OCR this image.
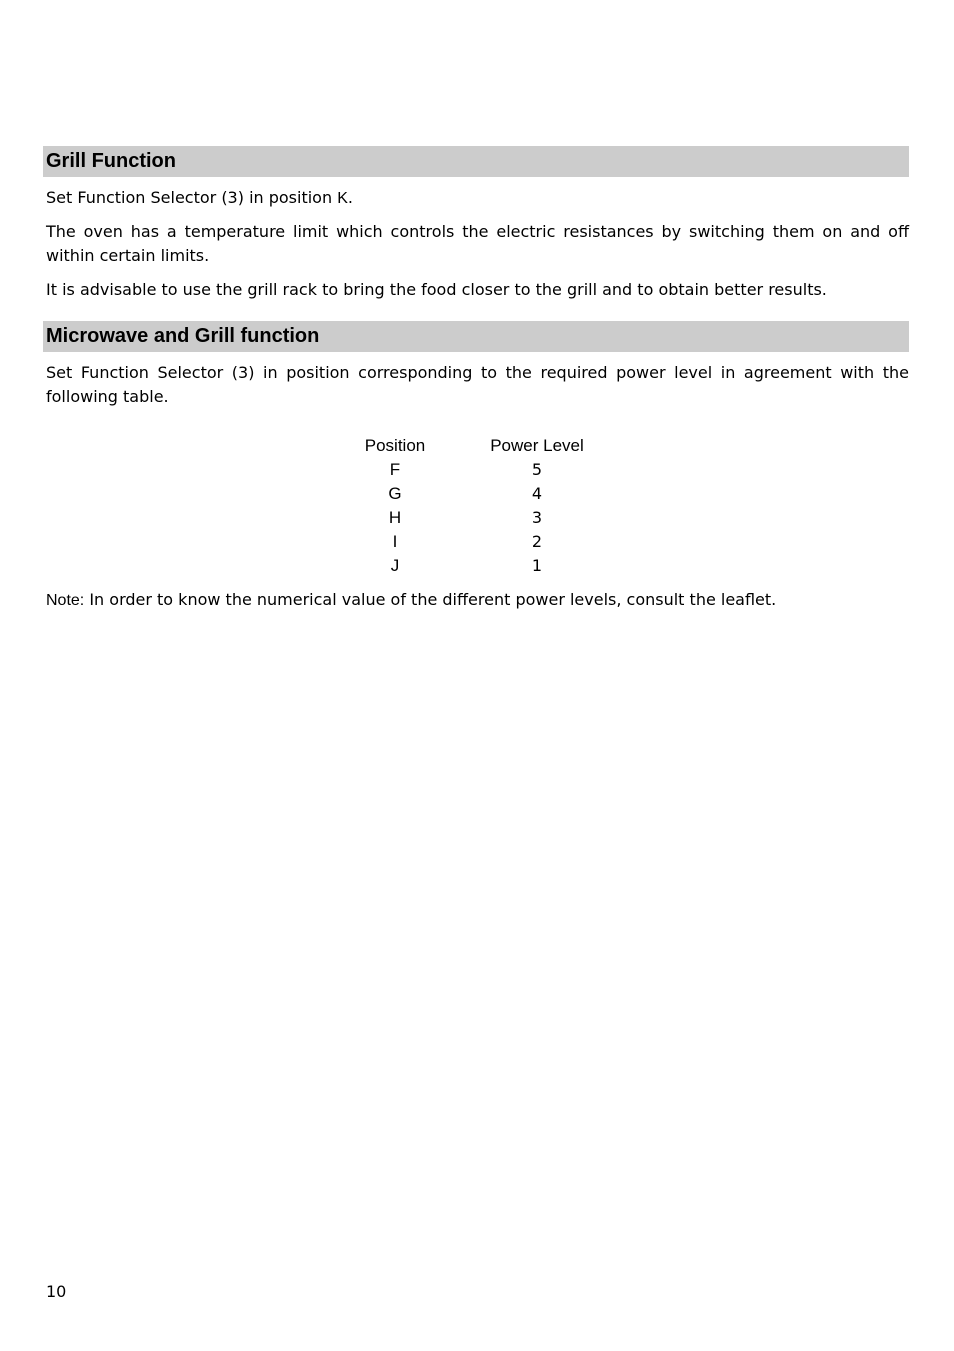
Grill Function

Set Function Selector (3) in position K.

The oven has a temperature limit which controls the electric resistances by switching them on and off within certain limits.

It is advisable to use the grill rack to bring the food closer to the grill and to obtain better results.

Microwave and Grill function

Set Function Selector (3) in position corresponding to the required power level in agreement with the following table.

Position		Power Level
F		5
G		4
H		3
I		2
J		1

Note: In order to know the numerical value of the different power levels, consult the leaflet.

10
